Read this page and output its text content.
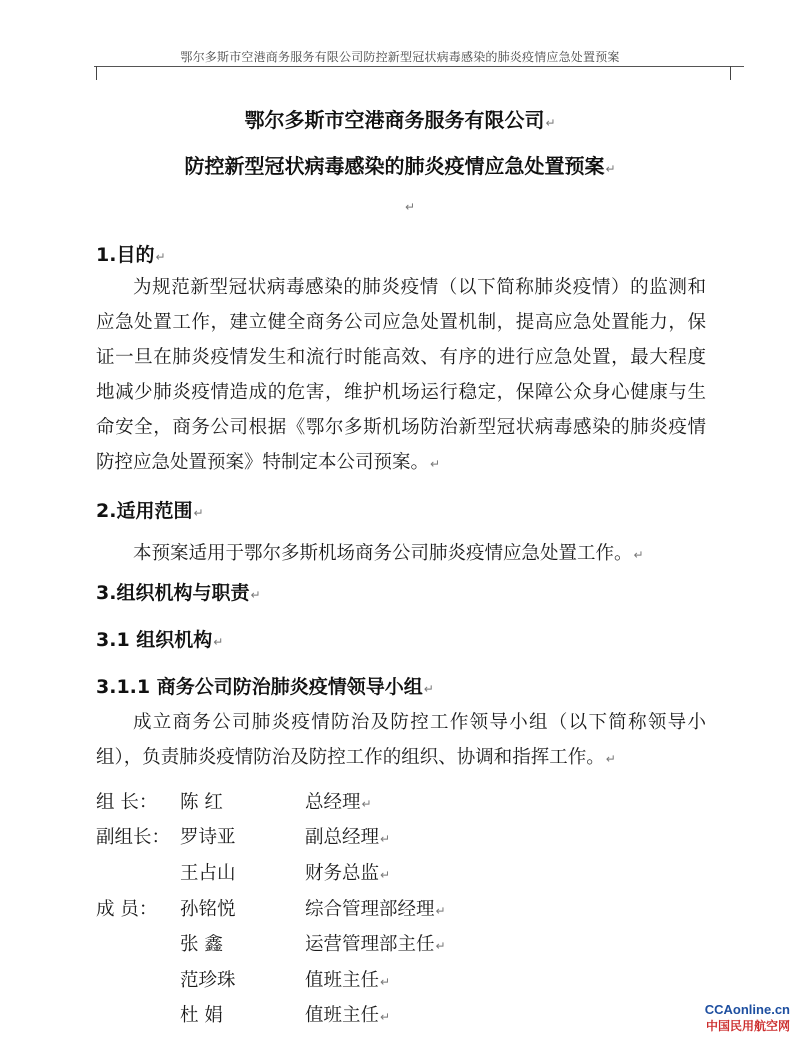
鄂尔多斯市空港商务服务有限公司防控新型冠状病毒感染的肺炎疫情应急处置预案
鄂尔多斯市空港商务服务有限公司↵
防控新型冠状病毒感染的肺炎疫情应急处置预案↵
↵
1.目的↵
为规范新型冠状病毒感染的肺炎疫情（以下简称肺炎疫情）的监测和应急处置工作，建立健全商务公司应急处置机制，提高应急处置能力，保证一旦在肺炎疫情发生和流行时能高效、有序的进行应急处置，最大程度地减少肺炎疫情造成的危害，维护机场运行稳定，保障公众身心健康与生命安全，商务公司根据《鄂尔多斯机场防治新型冠状病毒感染的肺炎疫情防控应急处置预案》特制定本公司预案。↵
2.适用范围↵
本预案适用于鄂尔多斯机场商务公司肺炎疫情应急处置工作。↵
3.组织机构与职责↵
3.1 组织机构↵
3.1.1 商务公司防治肺炎疫情领导小组↵
成立商务公司肺炎疫情防治及防控工作领导小组（以下简称领导小组），负责肺炎疫情防治及防控工作的组织、协调和指挥工作。↵
组 长： 陈 红	总经理↵
副组长： 罗诗亚	副总经理↵
王占山	财务总监↵
成 员： 孙铭悦	综合管理部经理↵
张 鑫	运营管理部主任↵
范珍珠	值班主任↵
杜 娟	值班主任↵	CCAonline.cn
中国民用航空网
